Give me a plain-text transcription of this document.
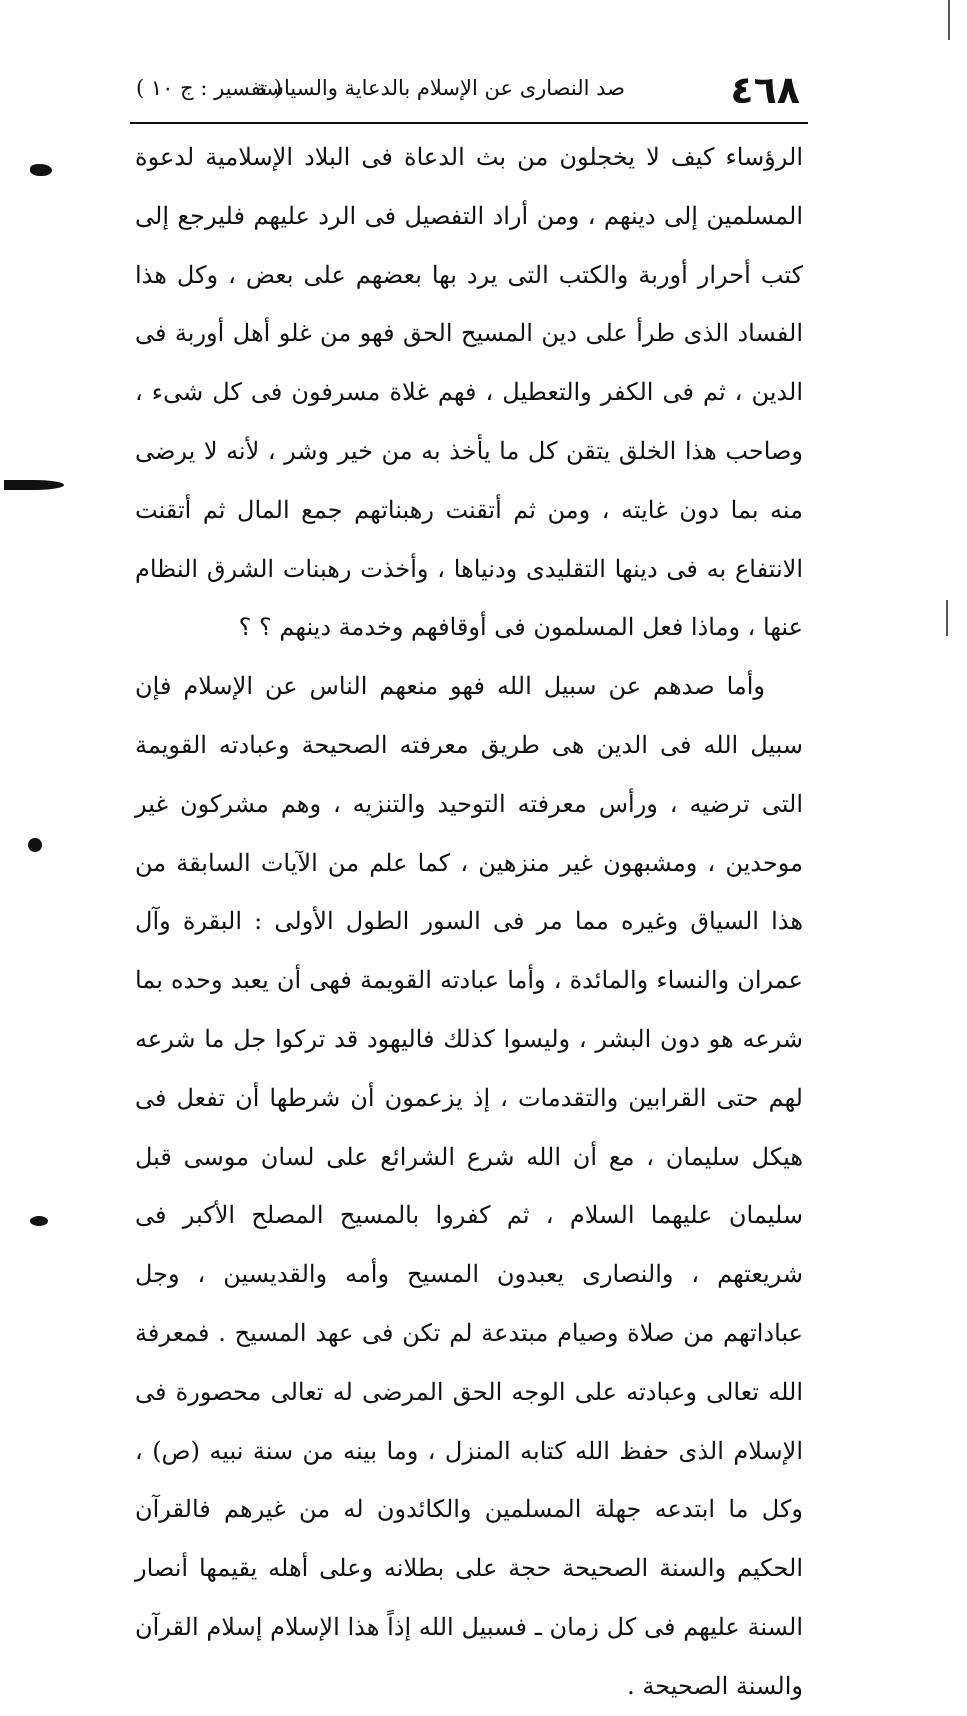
٤٦٨
صد النصارى عن الإسلام بالدعاية والسياسة
( تفسير : ج ١٠ )

الرؤساء كيف لا يخجلون من بث الدعاة فى البلاد الإسلامية لدعوة المسلمين إلى دينهم ، ومن أراد التفصيل فى الرد عليهم فليرجع إلى كتب أحرار أوربة والكتب التى يرد بها بعضهم على بعض ، وكل هذا الفساد الذى طرأ على دين المسيح الحق فهو من غلو أهل أوربة فى الدين ، ثم فى الكفر والتعطيل ، فهم غلاة مسرفون فى كل شىء ، وصاحب هذا الخلق يتقن كل ما يأخذ به من خير وشر ، لأنه لا يرضى منه بما دون غايته ، ومن ثم أتقنت رهبناتهم جمع المال ثم أتقنت الانتفاع به فى دينها التقليدى ودنياها ، وأخذت رهبنات الشرق النظام عنها ، وماذا فعل المسلمون فى أوقافهم وخدمة دينهم ؟ ؟

وأما صدهم عن سبيل الله فهو منعهم الناس عن الإسلام فإن سبيل الله فى الدين هى طريق معرفته الصحيحة وعبادته القويمة التى ترضيه ، ورأس معرفته التوحيد والتنزيه ، وهم مشركون غير موحدين ، ومشبهون غير منزهين ، كما علم من الآيات السابقة من هذا السياق وغيره مما مر فى السور الطول الأولى : البقرة وآل عمران والنساء والمائدة ، وأما عبادته القويمة فهى أن يعبد وحده بما شرعه هو دون البشر ، وليسوا كذلك فاليهود قد تركوا جل ما شرعه لهم حتى القرابين والتقدمات ، إذ يزعمون أن شرطها أن تفعل فى هيكل سليمان ، مع أن الله شرع الشرائع على لسان موسى قبل سليمان عليهما السلام ، ثم كفروا بالمسيح المصلح الأكبر فى شريعتهم ، والنصارى يعبدون المسيح وأمه والقديسين ، وجل عباداتهم من صلاة وصيام مبتدعة لم تكن فى عهد المسيح . فمعرفة الله تعالى وعبادته على الوجه الحق المرضى له تعالى محصورة فى الإسلام الذى حفظ الله كتابه المنزل ، وما بينه من سنة نبيه (ص) ، وكل ما ابتدعه جهلة المسلمين والكائدون له من غيرهم فالقرآن الحكيم والسنة الصحيحة حجة على بطلانه وعلى أهله يقيمها أنصار السنة عليهم فى كل زمان ـ فسبيل الله إذاً هذا الإسلام إسلام القرآن والسنة الصحيحة .
